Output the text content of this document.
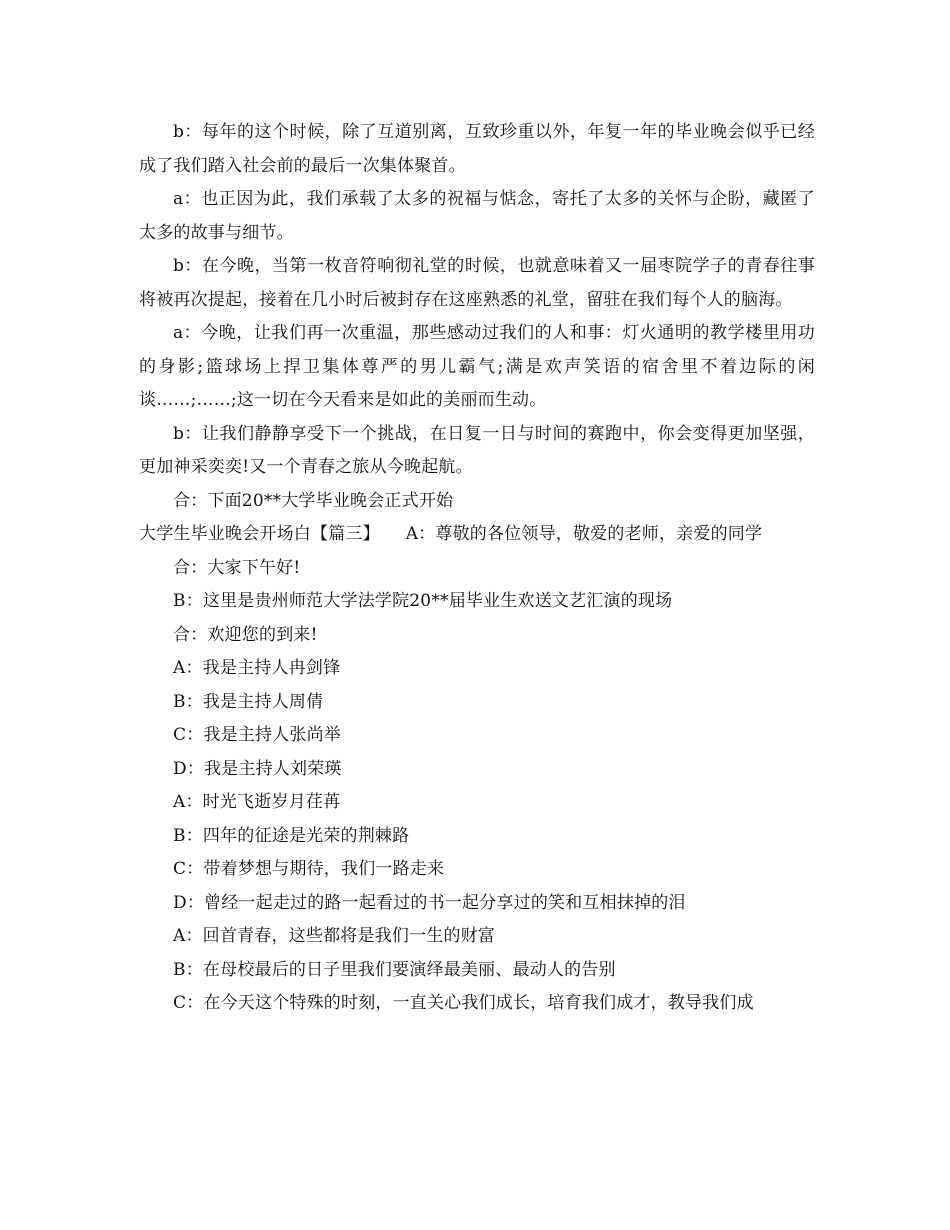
b：每年的这个时候，除了互道别离，互致珍重以外，年复一年的毕业晚会似乎已经成了我们踏入社会前的最后一次集体聚首。

a：也正因为此，我们承载了太多的祝福与惦念，寄托了太多的关怀与企盼，藏匿了太多的故事与细节。

b：在今晚，当第一枚音符响彻礼堂的时候，也就意味着又一届枣院学子的青春往事将被再次提起，接着在几小时后被封存在这座熟悉的礼堂，留驻在我们每个人的脑海。

a：今晚，让我们再一次重温，那些感动过我们的人和事：灯火通明的教学楼里用功的身影;篮球场上捍卫集体尊严的男儿霸气;满是欢声笑语的宿舍里不着边际的闲谈……;……;这一切在今天看来是如此的美丽而生动。

b：让我们静静享受下一个挑战，在日复一日与时间的赛跑中，你会变得更加坚强，更加神采奕奕!又一个青春之旅从今晚起航。

合：下面20**大学毕业晚会正式开始

大学生毕业晚会开场白【篇三】　　A：尊敬的各位领导，敬爱的老师，亲爱的同学

合：大家下午好!

B：这里是贵州师范大学法学院20**届毕业生欢送文艺汇演的现场

合：欢迎您的到来!

A：我是主持人冉剑锋

B：我是主持人周倩

C：我是主持人张尚举

D：我是主持人刘荣瑛

A：时光飞逝岁月荏苒

B：四年的征途是光荣的荆棘路

C：带着梦想与期待，我们一路走来

D：曾经一起走过的路一起看过的书一起分享过的笑和互相抹掉的泪

A：回首青春，这些都将是我们一生的财富

B：在母校最后的日子里我们要演绎最美丽、最动人的告别

C：在今天这个特殊的时刻，一直关心我们成长，培育我们成才，教导我们成
